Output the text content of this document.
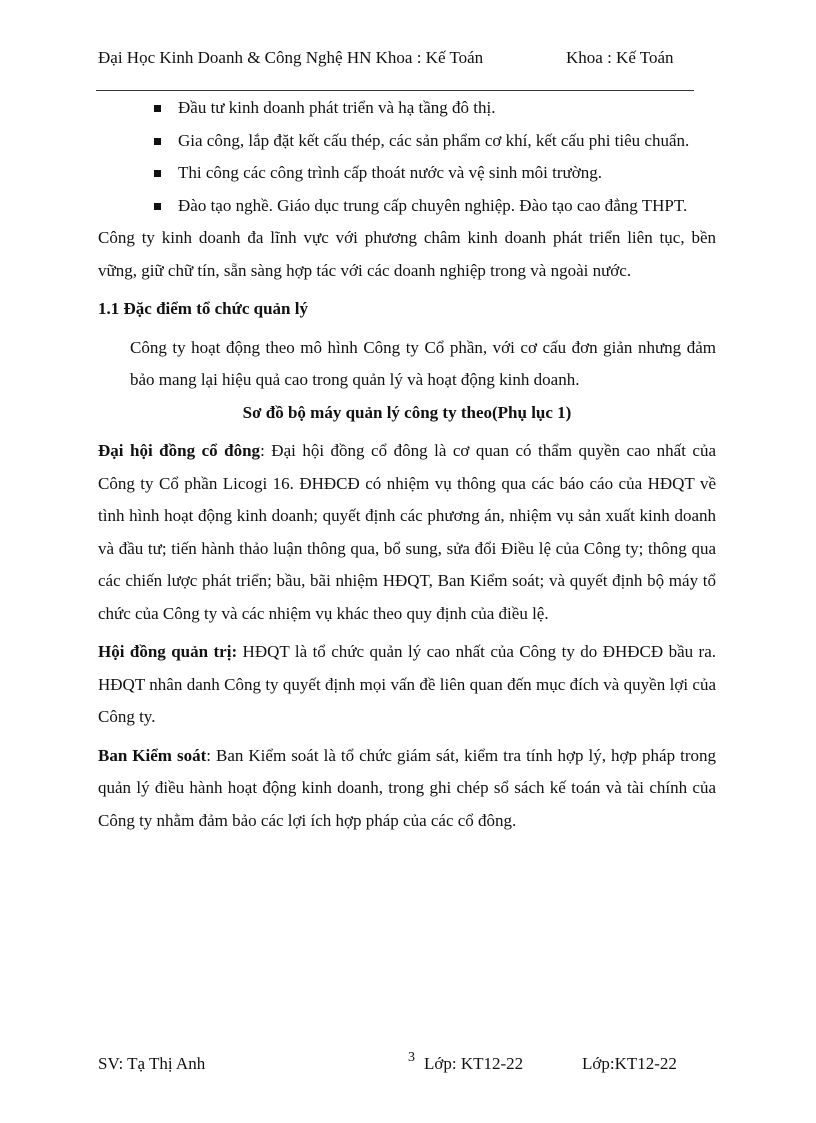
Đại Học Kinh Doanh & Công Nghệ HN Khoa : Kế Toán	Khoa : Kế Toán
Đầu tư kinh doanh phát triển và hạ tầng đô thị.
Gia công, lắp đặt kết cấu thép, các sản phẩm cơ khí, kết cấu phi tiêu chuẩn.
Thi công các công trình cấp thoát nước và vệ sinh môi trường.
Đào tạo nghề. Giáo dục trung cấp chuyên nghiệp. Đào tạo cao đẳng THPT.

Công ty kinh doanh đa lĩnh vực với phương châm kinh doanh phát triển liên tục, bền vững, giữ chữ tín, sẵn sàng hợp tác với các doanh nghiệp trong và ngoài nước.

1.1 Đặc điểm tổ chức quản lý

Công ty hoạt động theo mô hình Công ty Cổ phần, với cơ cấu đơn giản nhưng đảm bảo mang lại hiệu quả cao trong quản lý và hoạt động kinh doanh.

Sơ đồ bộ máy quản lý công ty theo(Phụ lục 1)

Đại hội đồng cổ đông: Đại hội đồng cổ đông là cơ quan có thẩm quyền cao nhất của Công ty Cổ phần Licogi 16. ĐHĐCĐ có nhiệm vụ thông qua các báo cáo của HĐQT về tình hình hoạt động kinh doanh; quyết định các phương án, nhiệm vụ sản xuất kinh doanh và đầu tư; tiến hành thảo luận thông qua, bổ sung, sửa đổi Điều lệ của Công ty; thông qua các chiến lược phát triển; bầu, bãi nhiệm HĐQT, Ban Kiểm soát; và quyết định bộ máy tổ chức của Công ty và các nhiệm vụ khác theo quy định của điều lệ.

Hội đồng quản trị: HĐQT là tổ chức quản lý cao nhất của Công ty do ĐHĐCĐ bầu ra. HĐQT nhân danh Công ty quyết định mọi vấn đề liên quan đến mục đích và quyền lợi của Công ty.

Ban Kiểm soát: Ban Kiểm soát là tổ chức giám sát, kiểm tra tính hợp lý, hợp pháp trong quản lý điều hành hoạt động kinh doanh, trong ghi chép sổ sách kế toán và tài chính của Công ty nhằm đảm bảo các lợi ích hợp pháp của các cổ đông.

SV: Tạ Thị Anh	3 Lớp: KT12-22	Lớp:KT12-22
